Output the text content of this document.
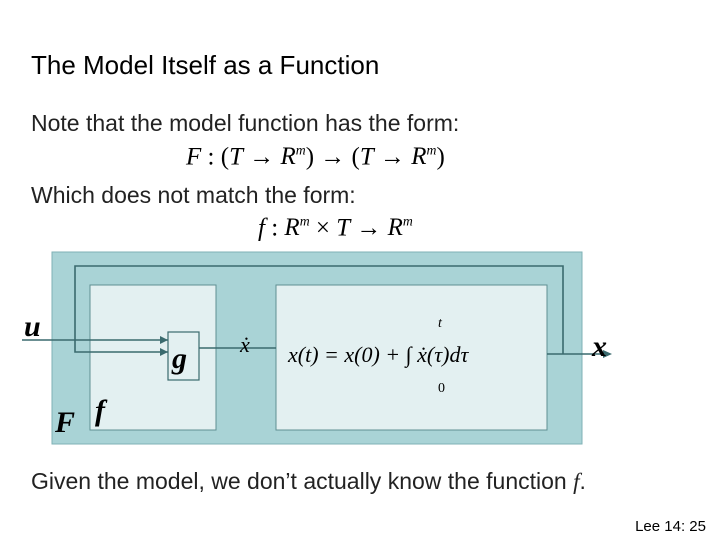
The Model Itself as a Function
Note that the model function has the form:
F : $(T \to R^m) \to (T \to R^m)$
Which does not match the form:
f : $R^m \times T \to R^m$
u
x
g
f
F
ẋ x(t) = x(0) + ∫ ẋ(τ)dτ
t
0
Given the model, we don’t actually know the function f.
Lee 14: 25
